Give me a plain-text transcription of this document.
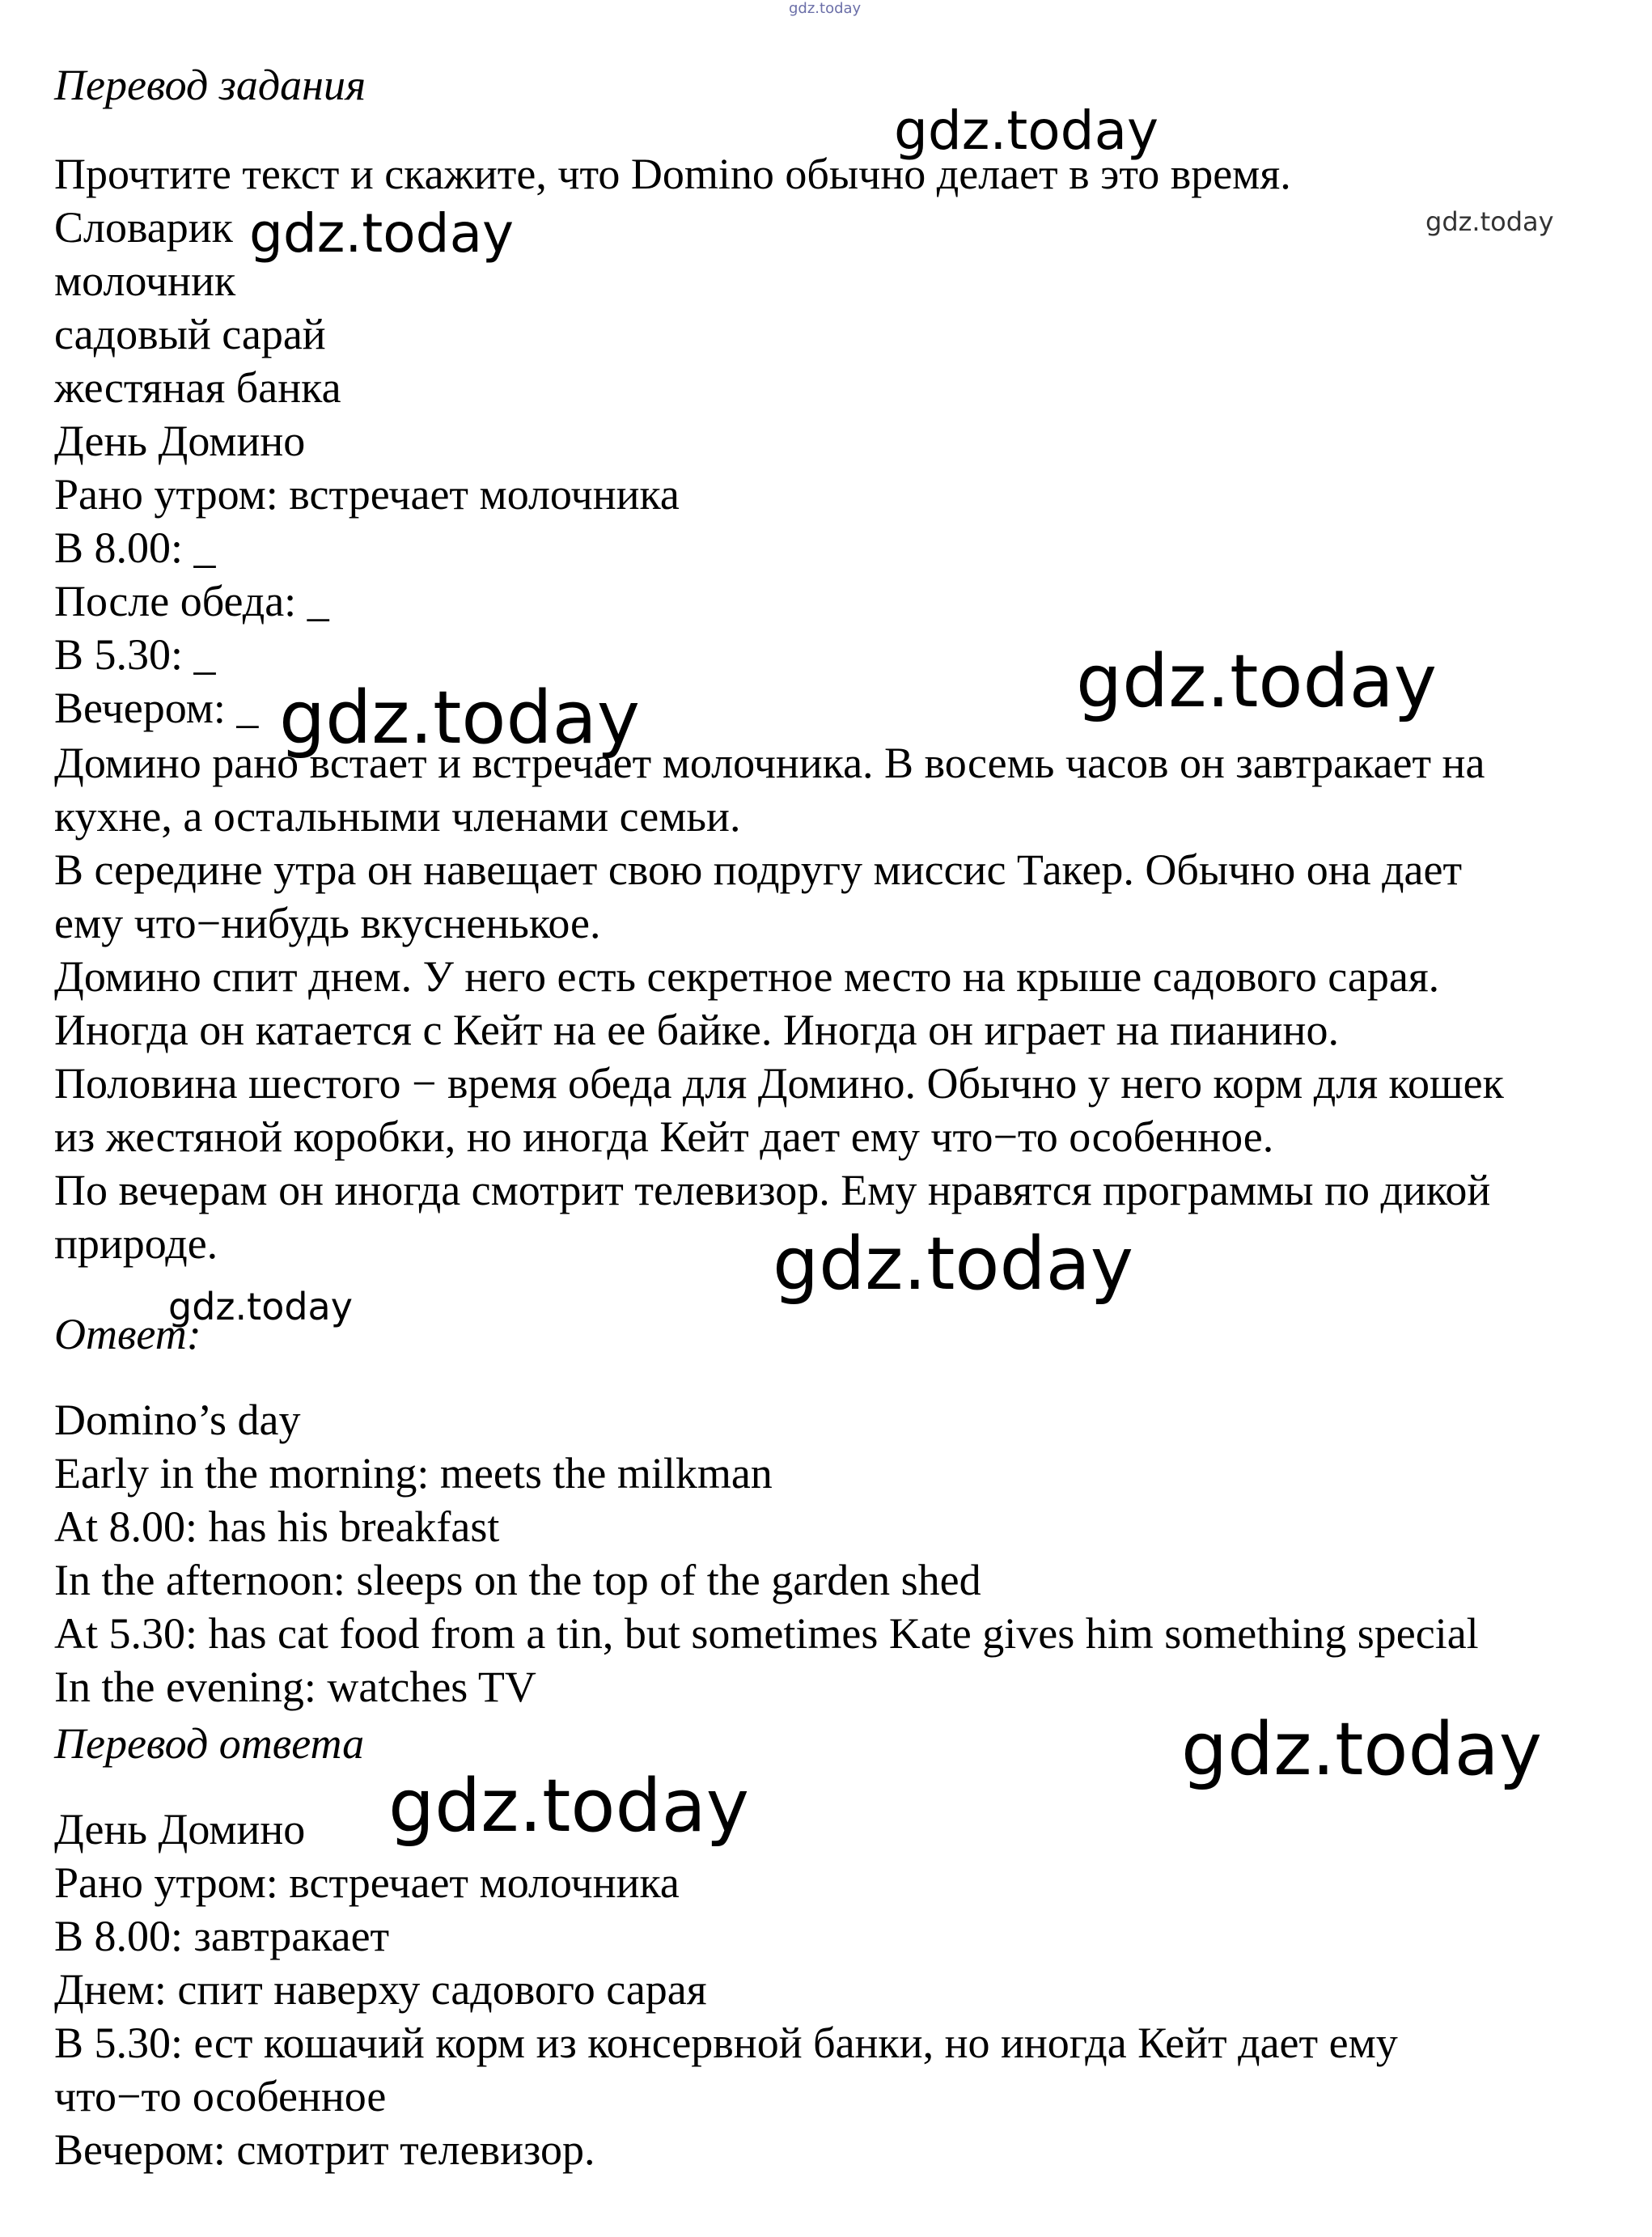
gdz.today
gdz.today
gdz.today	gdz.today
gdz.today
gdz.today
gdz.today
gdz.today
gdz.today
gdz.today
Перевод задания
Прочтите текст и скажите, что Domino обычно делает в это время.
Словарик
молочник
садовый сарай
жестяная банка
День Домино
Рано утром: встречает молочника
В 8.00: _
После обеда: _
В 5.30: _
Вечером: _
Домино рано встает и встречает молочника. В восемь часов он завтракает на
кухне, а остальными членами семьи.
В середине утра он навещает свою подругу миссис Такер. Обычно она дает
ему что−нибудь вкусненькое.
Домино спит днем. У него есть секретное место на крыше садового сарая.
Иногда он катается с Кейт на ее байке. Иногда он играет на пианино.
Половина шестого − время обеда для Домино. Обычно у него корм для кошек
из жестяной коробки, но иногда Кейт дает ему что−то особенное.
По вечерам он иногда смотрит телевизор. Ему нравятся программы по дикой
природе.
Ответ:
Domino’s day
Early in the morning: meets the milkman
At 8.00: has his breakfast
In the afternoon: sleeps on the top of the garden shed
At 5.30: has cat food from a tin, but sometimes Kate gives him something special
In the evening: watches TV
Перевод ответа
День Домино
Рано утром: встречает молочника
В 8.00: завтракает
Днем: спит наверху садового сарая
В 5.30: ест кошачий корм из консервной банки, но иногда Кейт дает ему
что−то особенное
Вечером: смотрит телевизор.
